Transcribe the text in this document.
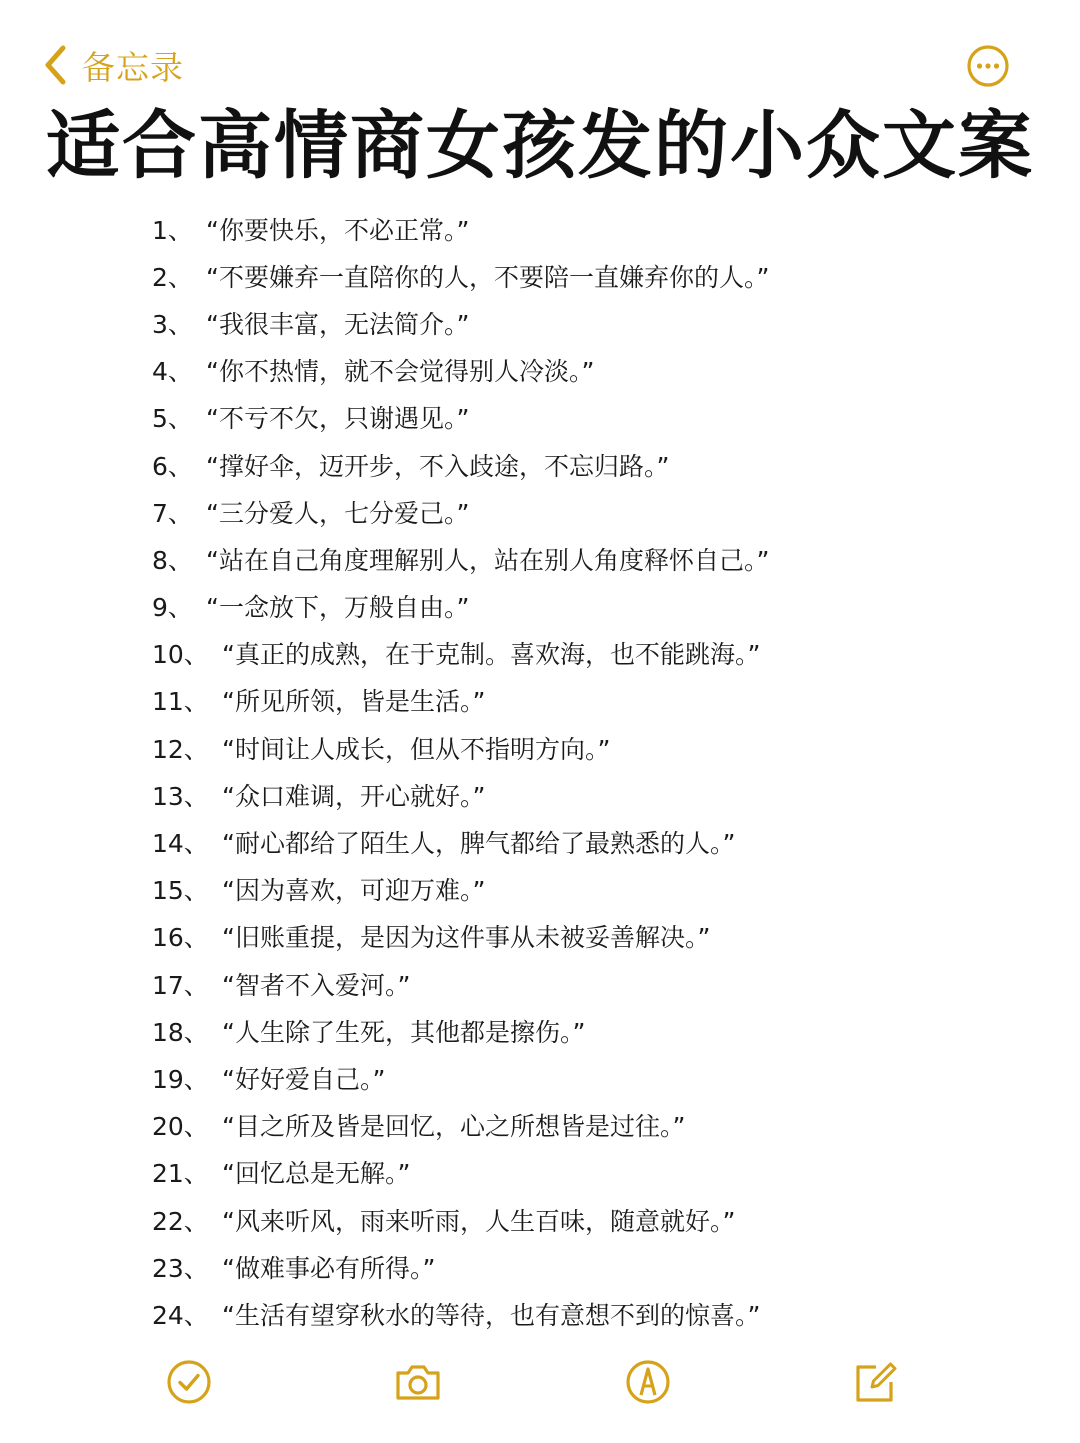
备忘录
适合高情商女孩发的小众文案
1、 “你要快乐，不必正常。”
2、 “不要嫌弃一直陪你的人，不要陪一直嫌弃你的人。”
3、 “我很丰富，无法简介。”
4、 “你不热情，就不会觉得别人冷淡。”
5、 “不亏不欠，只谢遇见。”
6、 “撑好伞，迈开步，不入歧途，不忘归路。”
7、 “三分爱人，七分爱己。”
8、 “站在自己角度理解别人，站在别人角度释怀自己。”
9、 “一念放下，万般自由。”
10、 “真正的成熟，在于克制。喜欢海，也不能跳海。”
11、 “所见所领，皆是生活。”
12、 “时间让人成长，但从不指明方向。”
13、 “众口难调，开心就好。”
14、 “耐心都给了陌生人，脾气都给了最熟悉的人。”
15、 “因为喜欢，可迎万难。”
16、 “旧账重提，是因为这件事从未被妥善解决。”
17、 “智者不入爱河。”
18、 “人生除了生死，其他都是擦伤。”
19、 “好好爱自己。”
20、 “目之所及皆是回忆，心之所想皆是过往。”
21、 “回忆总是无解。”
22、 “风来听风，雨来听雨，人生百味，随意就好。”
23、 “做难事必有所得。”
24、 “生活有望穿秋水的等待，也有意想不到的惊喜。”
